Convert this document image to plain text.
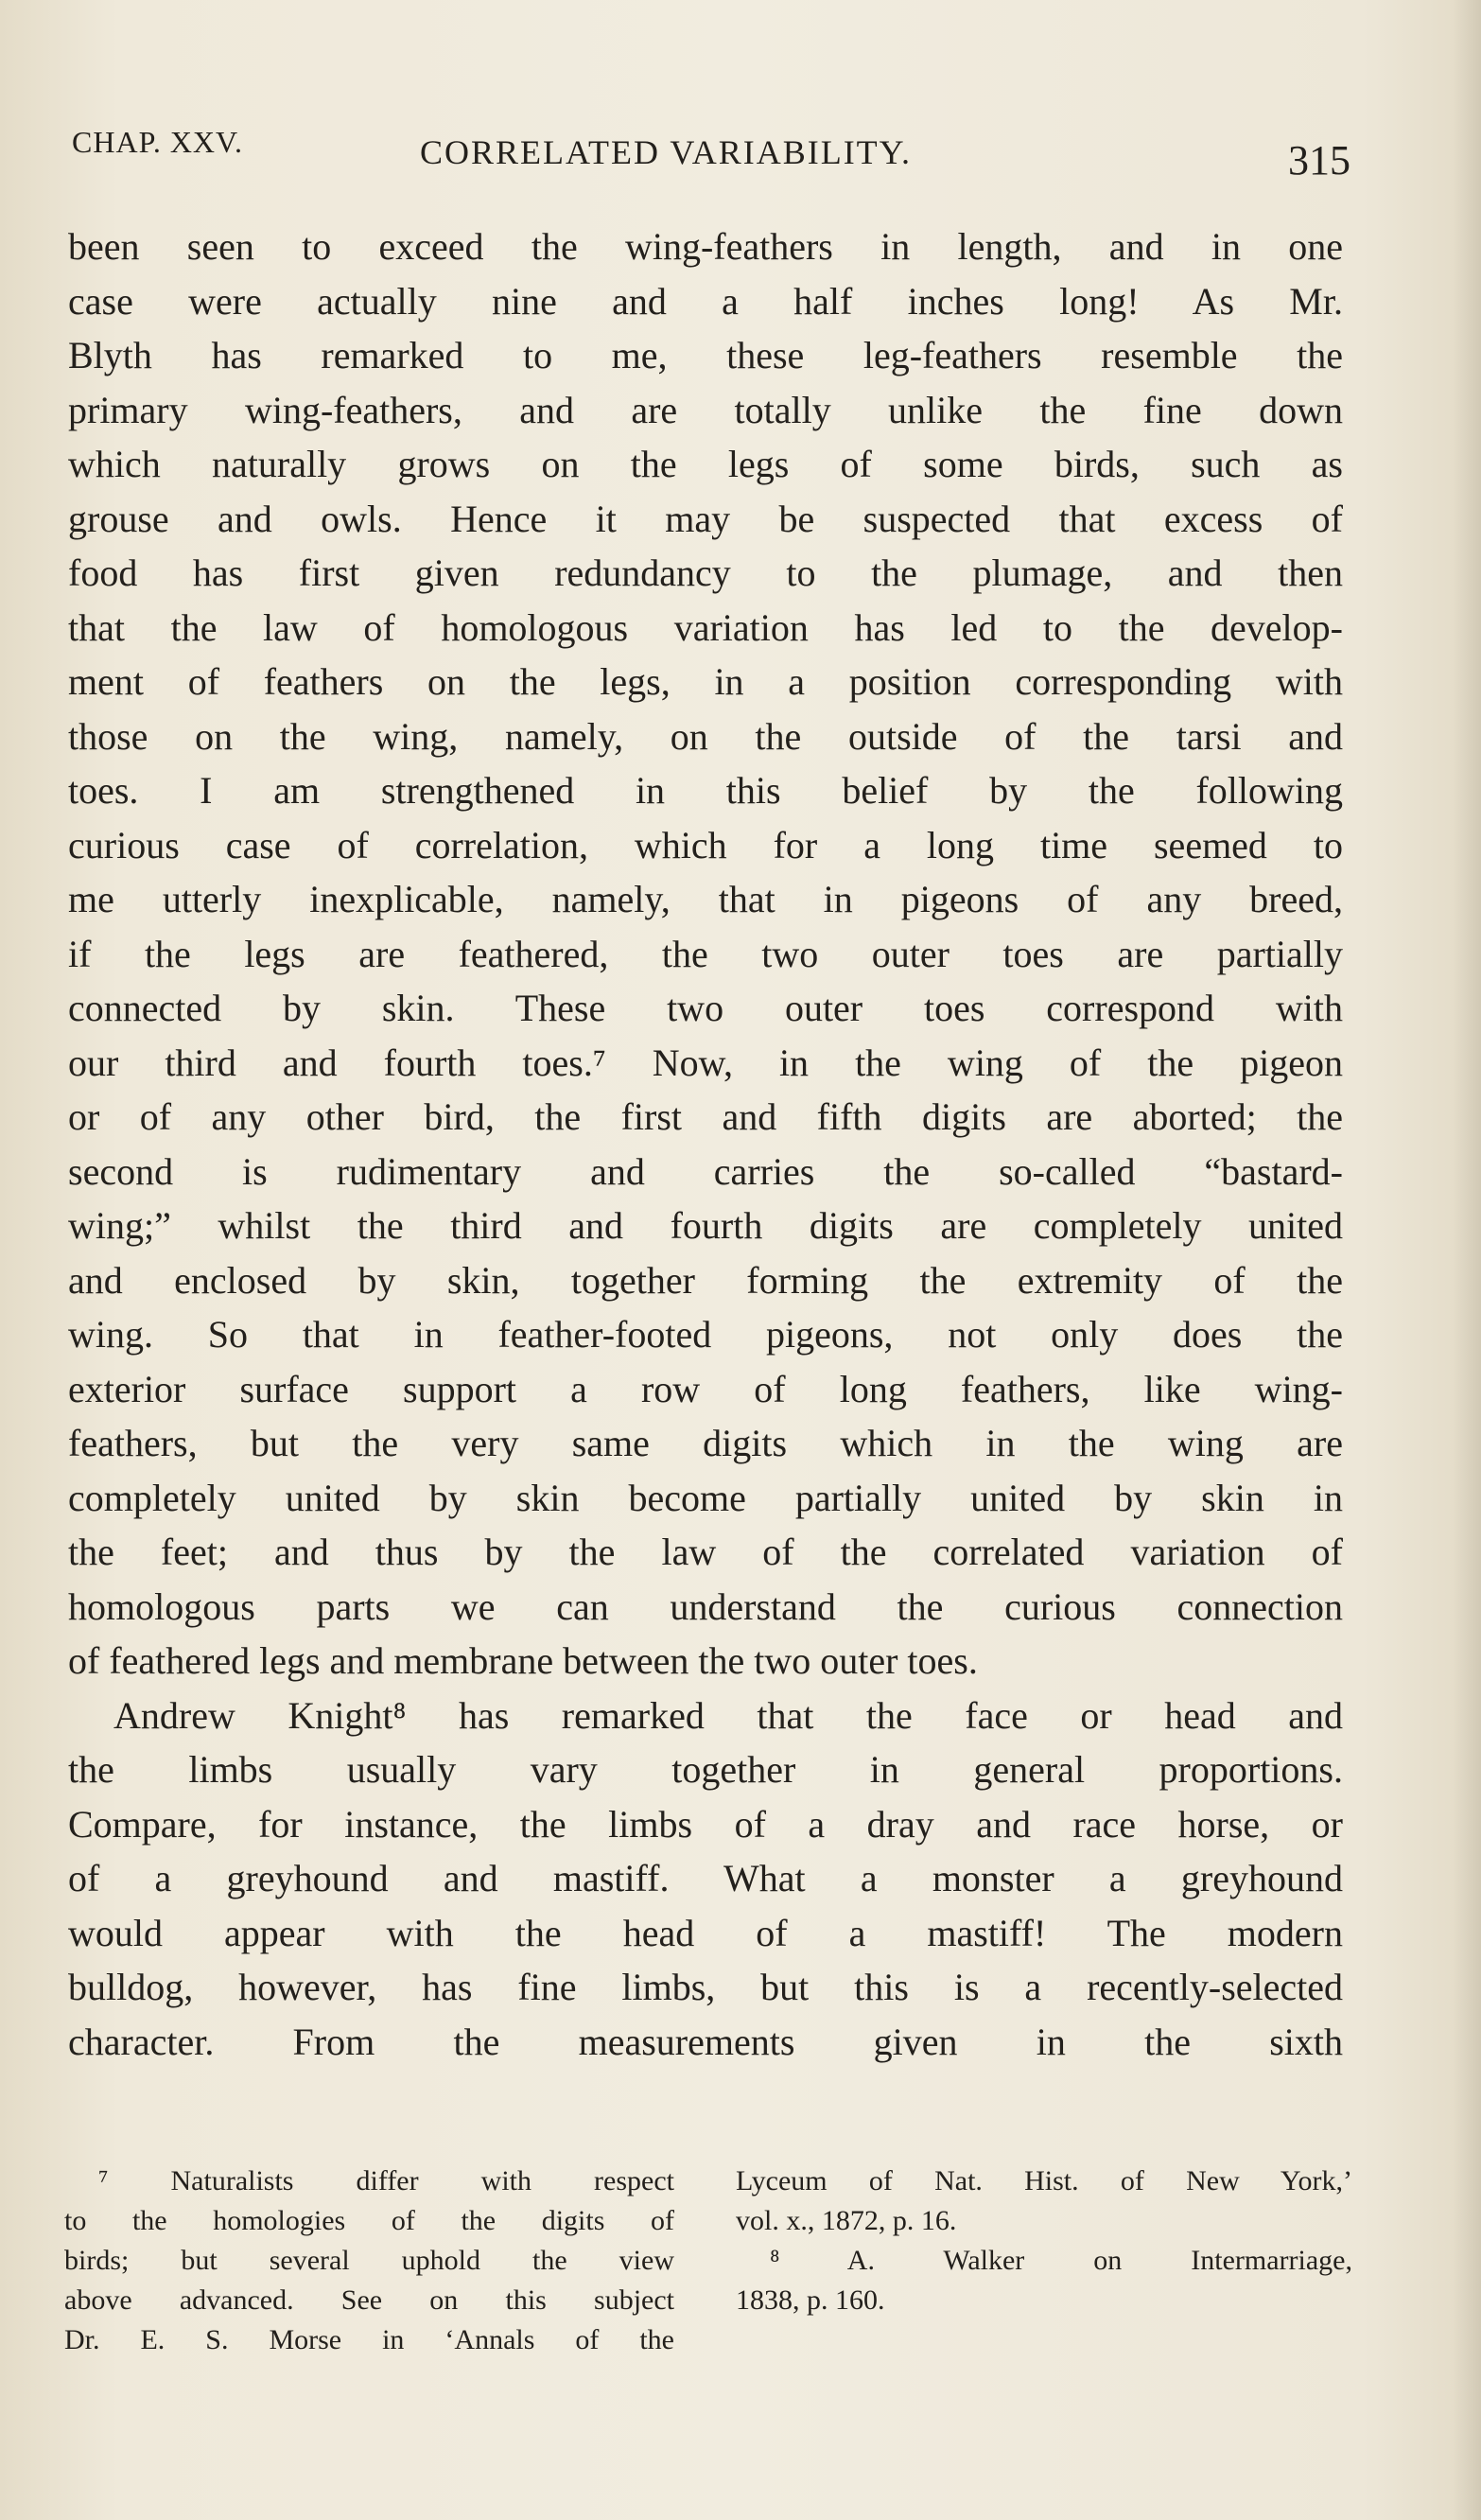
CHAP. XXV.	CORRELATED VARIABILITY.	315
been seen to exceed the wing-feathers in length, and in one
case were actually nine and a half inches long! As Mr.
Blyth has remarked to me, these leg-feathers resemble the
primary wing-feathers, and are totally unlike the fine down
which naturally grows on the legs of some birds, such as
grouse and owls. Hence it may be suspected that excess of
food has first given redundancy to the plumage, and then
that the law of homologous variation has led to the develop-
ment of feathers on the legs, in a position corresponding with
those on the wing, namely, on the outside of the tarsi and
toes. I am strengthened in this belief by the following
curious case of correlation, which for a long time seemed to
me utterly inexplicable, namely, that in pigeons of any breed,
if the legs are feathered, the two outer toes are partially
connected by skin. These two outer toes correspond with
our third and fourth toes.⁷ Now, in the wing of the pigeon
or of any other bird, the first and fifth digits are aborted; the
second is rudimentary and carries the so-called “bastard-
wing;” whilst the third and fourth digits are completely united
and enclosed by skin, together forming the extremity of the
wing. So that in feather-footed pigeons, not only does the
exterior surface support a row of long feathers, like wing-
feathers, but the very same digits which in the wing are
completely united by skin become partially united by skin in
the feet; and thus by the law of the correlated variation of
homologous parts we can understand the curious connection
of feathered legs and membrane between the two outer toes.
Andrew Knight⁸ has remarked that the face or head and
the limbs usually vary together in general proportions.
Compare, for instance, the limbs of a dray and race horse, or
of a greyhound and mastiff. What a monster a greyhound
would appear with the head of a mastiff! The modern
bulldog, however, has fine limbs, but this is a recently-selected
character. From the measurements given in the sixth
⁷ Naturalists differ with respect
to the homologies of the digits of
birds; but several uphold the view
above advanced. See on this subject
Dr. E. S. Morse in ‘Annals of the
Lyceum of Nat. Hist. of New York,’
vol. x., 1872, p. 16.
⁸ A. Walker on Intermarriage,
1838, p. 160.
